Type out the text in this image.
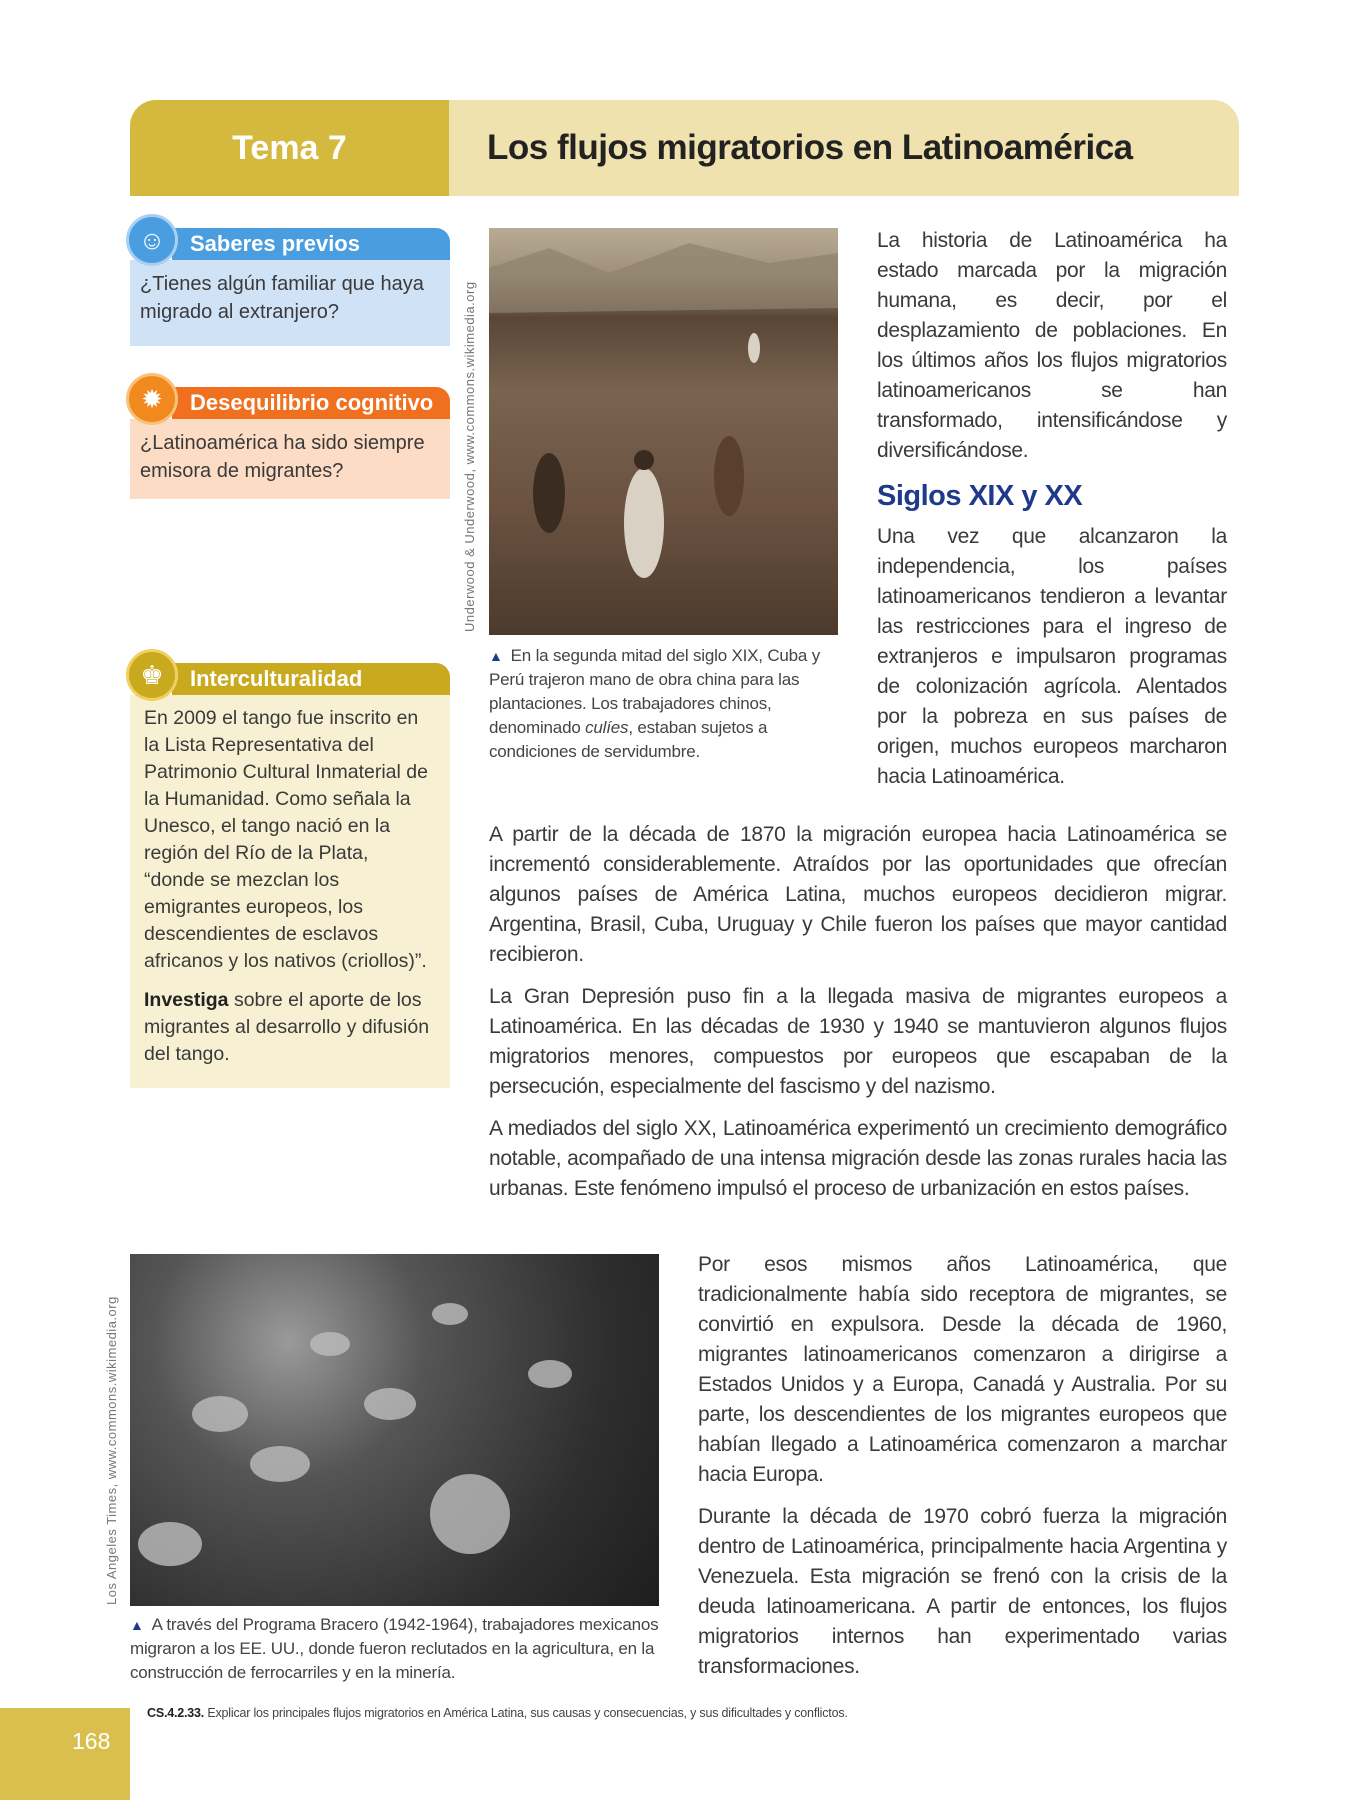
Tema 7	Los flujos migratorios en Latinoamérica
Saberes previos
¿Tienes algún familiar que haya migrado al extranjero?
☺
Desequilibrio cognitivo
¿Latinoamérica ha sido siempre emisora de migrantes?
✹
Interculturalidad

En 2009 el tango fue inscrito en la Lista Representativa del Patrimonio Cultural Inmaterial de la Humanidad. Como señala la Unesco, el tango nació en la región del Río de la Plata, “donde se mezclan los emigrantes europeos, los descendientes de esclavos africanos y los nativos (criollos)”.

Investiga sobre el aporte de los migrantes al desarrollo y difusión del tango.

♚
Underwood & Underwood, www.commons.wikimedia.org
▲ En la segunda mitad del siglo XIX, Cuba y Perú trajeron mano de obra china para las plantaciones. Los trabajadores chinos, denominado culíes, estaban sujetos a condiciones de servidumbre.

La historia de Latinoamérica ha estado marcada por la migración humana, es decir, por el desplazamiento de poblaciones. En los últimos años los flujos migratorios latinoamericanos se han transformado, intensificándose y diversificándose.

Siglos XIX y XX

Una vez que alcanzaron la independencia, los países latinoamericanos tendieron a levantar las restricciones para el ingreso de extranjeros e impulsaron programas de colonización agrícola. Alentados por la pobreza en sus países de origen, muchos europeos marcharon hacia Latinoamérica.

A partir de la década de 1870 la migración europea hacia Latinoamérica se incrementó considerablemente. Atraídos por las oportunidades que ofrecían algunos países de América Latina, muchos europeos decidieron migrar. Argentina, Brasil, Cuba, Uruguay y Chile fueron los países que mayor cantidad recibieron.

La Gran Depresión puso fin a la llegada masiva de migrantes europeos a Latinoamérica. En las décadas de 1930 y 1940 se mantuvieron algunos flujos migratorios menores, compuestos por europeos que escapaban de la persecución, especialmente del fascismo y del nazismo.

A mediados del siglo XX, Latinoamérica experimentó un crecimiento demográfico notable, acompañado de una intensa migración desde las zonas rurales hacia las urbanas. Este fenómeno impulsó el proceso de urbanización en estos países.

Los Angeles Times, www.commons.wikimedia.org
▲ A través del Programa Bracero (1942-1964), trabajadores mexicanos migraron a los EE. UU., donde fueron reclutados en la agricultura, en la construcción de ferrocarriles y en la minería.

Por esos mismos años Latinoamérica, que tradicionalmente había sido receptora de migrantes, se convirtió en expulsora. Desde la década de 1960, migrantes latinoamericanos comenzaron a dirigirse a Estados Unidos y a Europa, Canadá y Australia. Por su parte, los descendientes de los migrantes europeos que habían llegado a Latinoamérica comenzaron a marchar hacia Europa.

Durante la década de 1970 cobró fuerza la migración dentro de Latinoamérica, principalmente hacia Argentina y Venezuela. Esta migración se frenó con la crisis de la deuda latinoamericana. A partir de entonces, los flujos migratorios internos han experimentado varias transformaciones.

168
CS.4.2.33. Explicar los principales flujos migratorios en América Latina, sus causas y consecuencias, y sus dificultades y conflictos.
